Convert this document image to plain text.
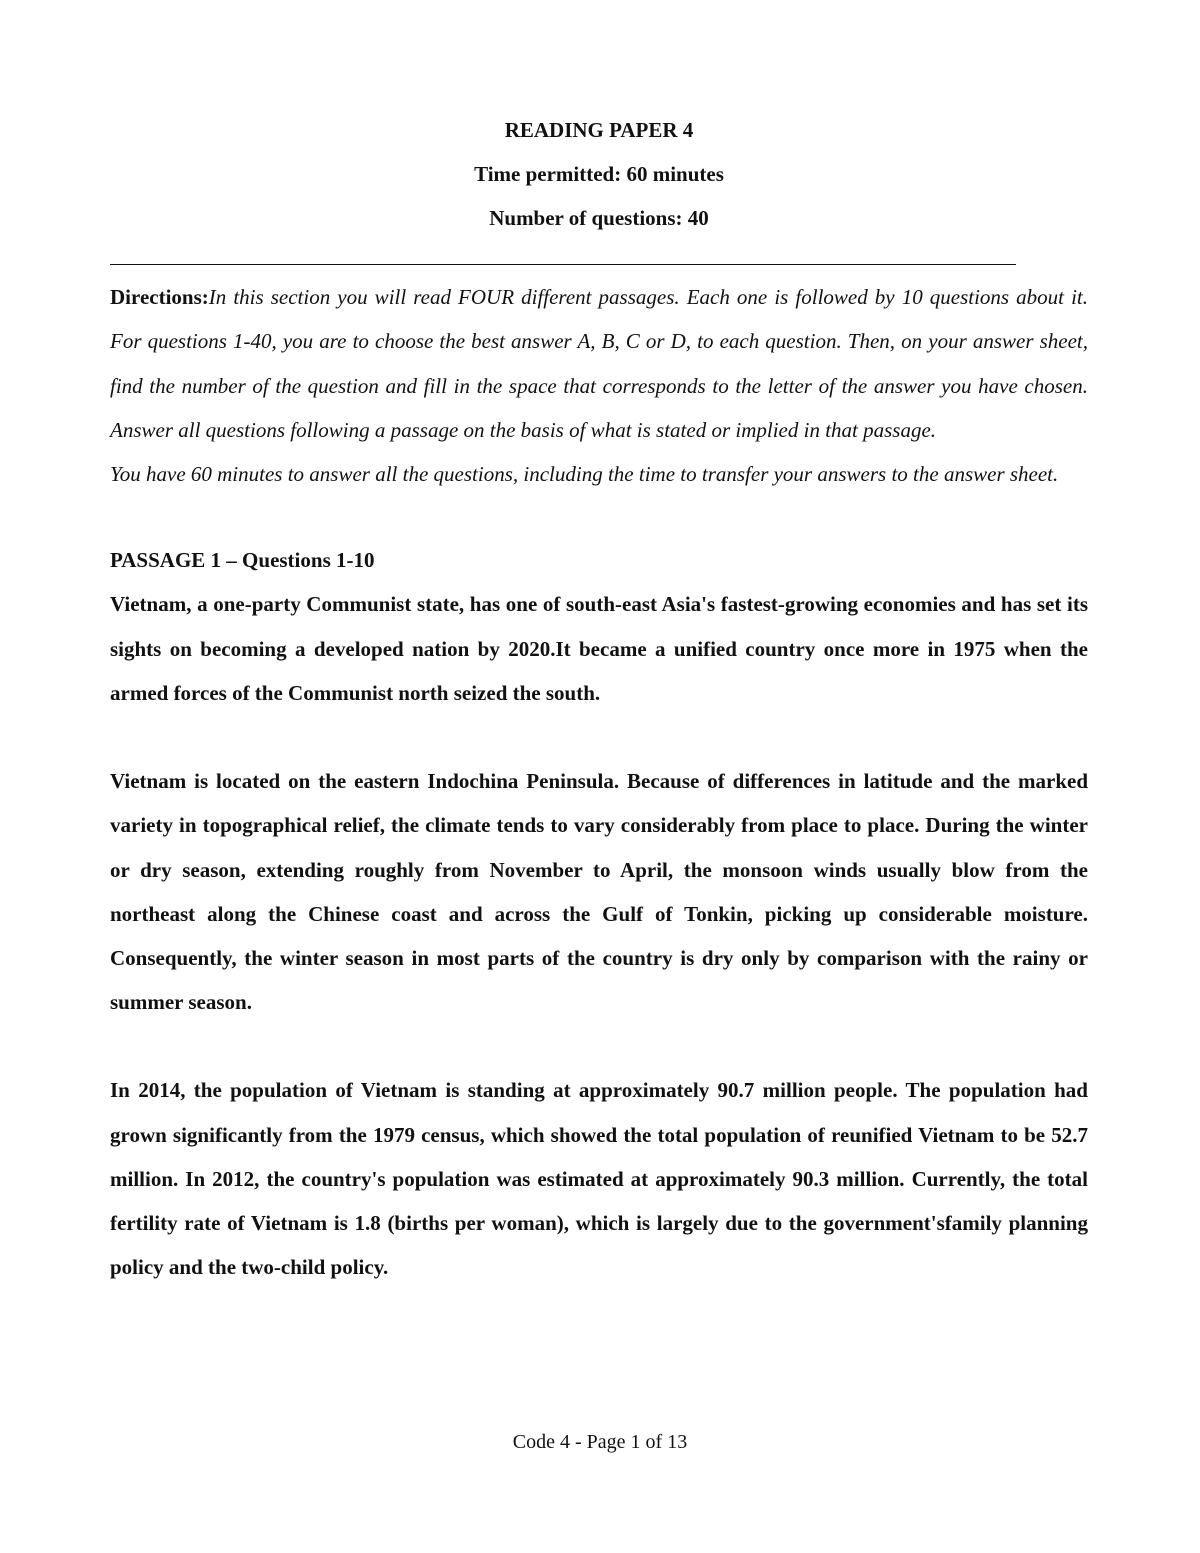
READING PAPER 4
Time permitted: 60 minutes
Number of questions: 40

Directions:In this section you will read FOUR different passages. Each one is followed by 10 questions about it. For questions 1-40, you are to choose the best answer A, B, C or D, to each question. Then, on your answer sheet, find the number of the question and fill in the space that corresponds to the letter of the answer you have chosen. Answer all questions following a passage on the basis of what is stated or implied in that passage.

You have 60 minutes to answer all the questions, including the time to transfer your answers to the answer sheet.

PASSAGE 1 – Questions 1-10

Vietnam, a one-party Communist state, has one of south-east Asia's fastest-growing economies and has set its sights on becoming a developed nation by 2020.It became a unified country once more in 1975 when the armed forces of the Communist north seized the south.

Vietnam is located on the eastern Indochina Peninsula. Because of differences in latitude and the marked variety in topographical relief, the climate tends to vary considerably from place to place. During the winter or dry season, extending roughly from November to April, the monsoon winds usually blow from the northeast along the Chinese coast and across the Gulf of Tonkin, picking up considerable moisture. Consequently, the winter season in most parts of the country is dry only by comparison with the rainy or summer season.

In 2014, the population of Vietnam is standing at approximately 90.7 million people. The population had grown significantly from the 1979 census, which showed the total population of reunified Vietnam to be 52.7 million. In 2012, the country's population was estimated at approximately 90.3 million. Currently, the total fertility rate of Vietnam is 1.8 (births per woman), which is largely due to the government'sfamily planning policy and the two-child policy.

Code 4 - Page 1 of 13
